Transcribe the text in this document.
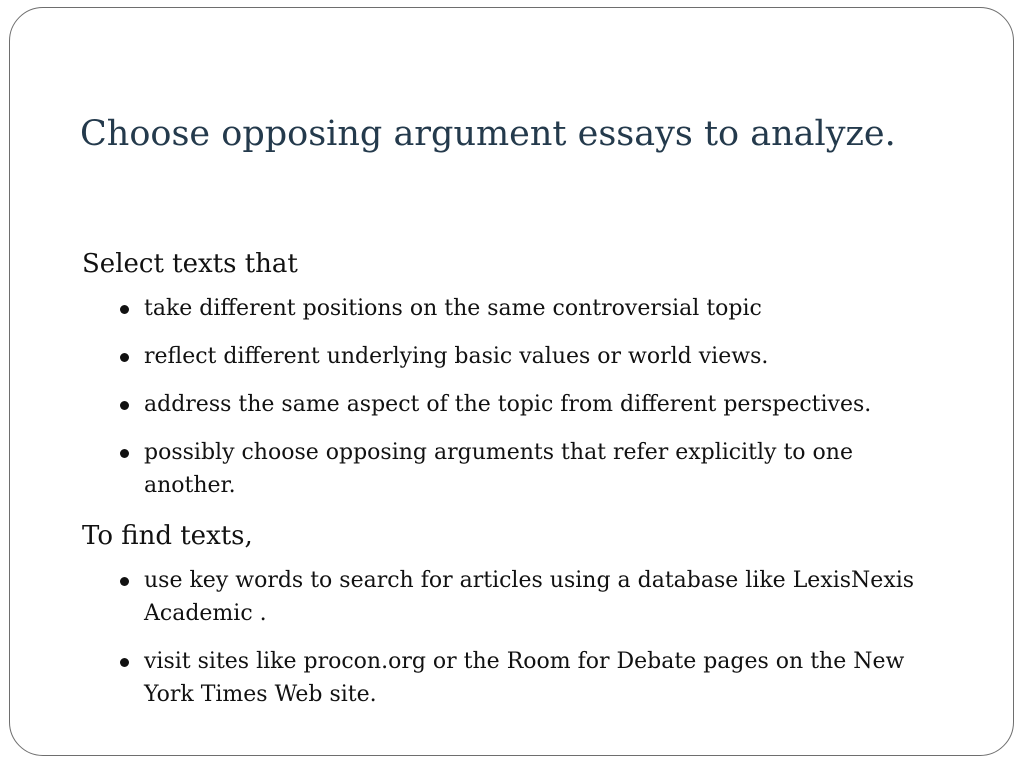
Choose opposing argument essays to analyze.

Select texts that

take different positions on the same controversial topic
reflect different underlying basic values or world views.
address the same aspect of the topic from different perspectives.
possibly choose opposing arguments that refer explicitly to one another.

To find texts,

use key words to search for articles using a database like LexisNexis Academic .
visit sites like procon.org or the Room for Debate pages on the New York Times Web site.
